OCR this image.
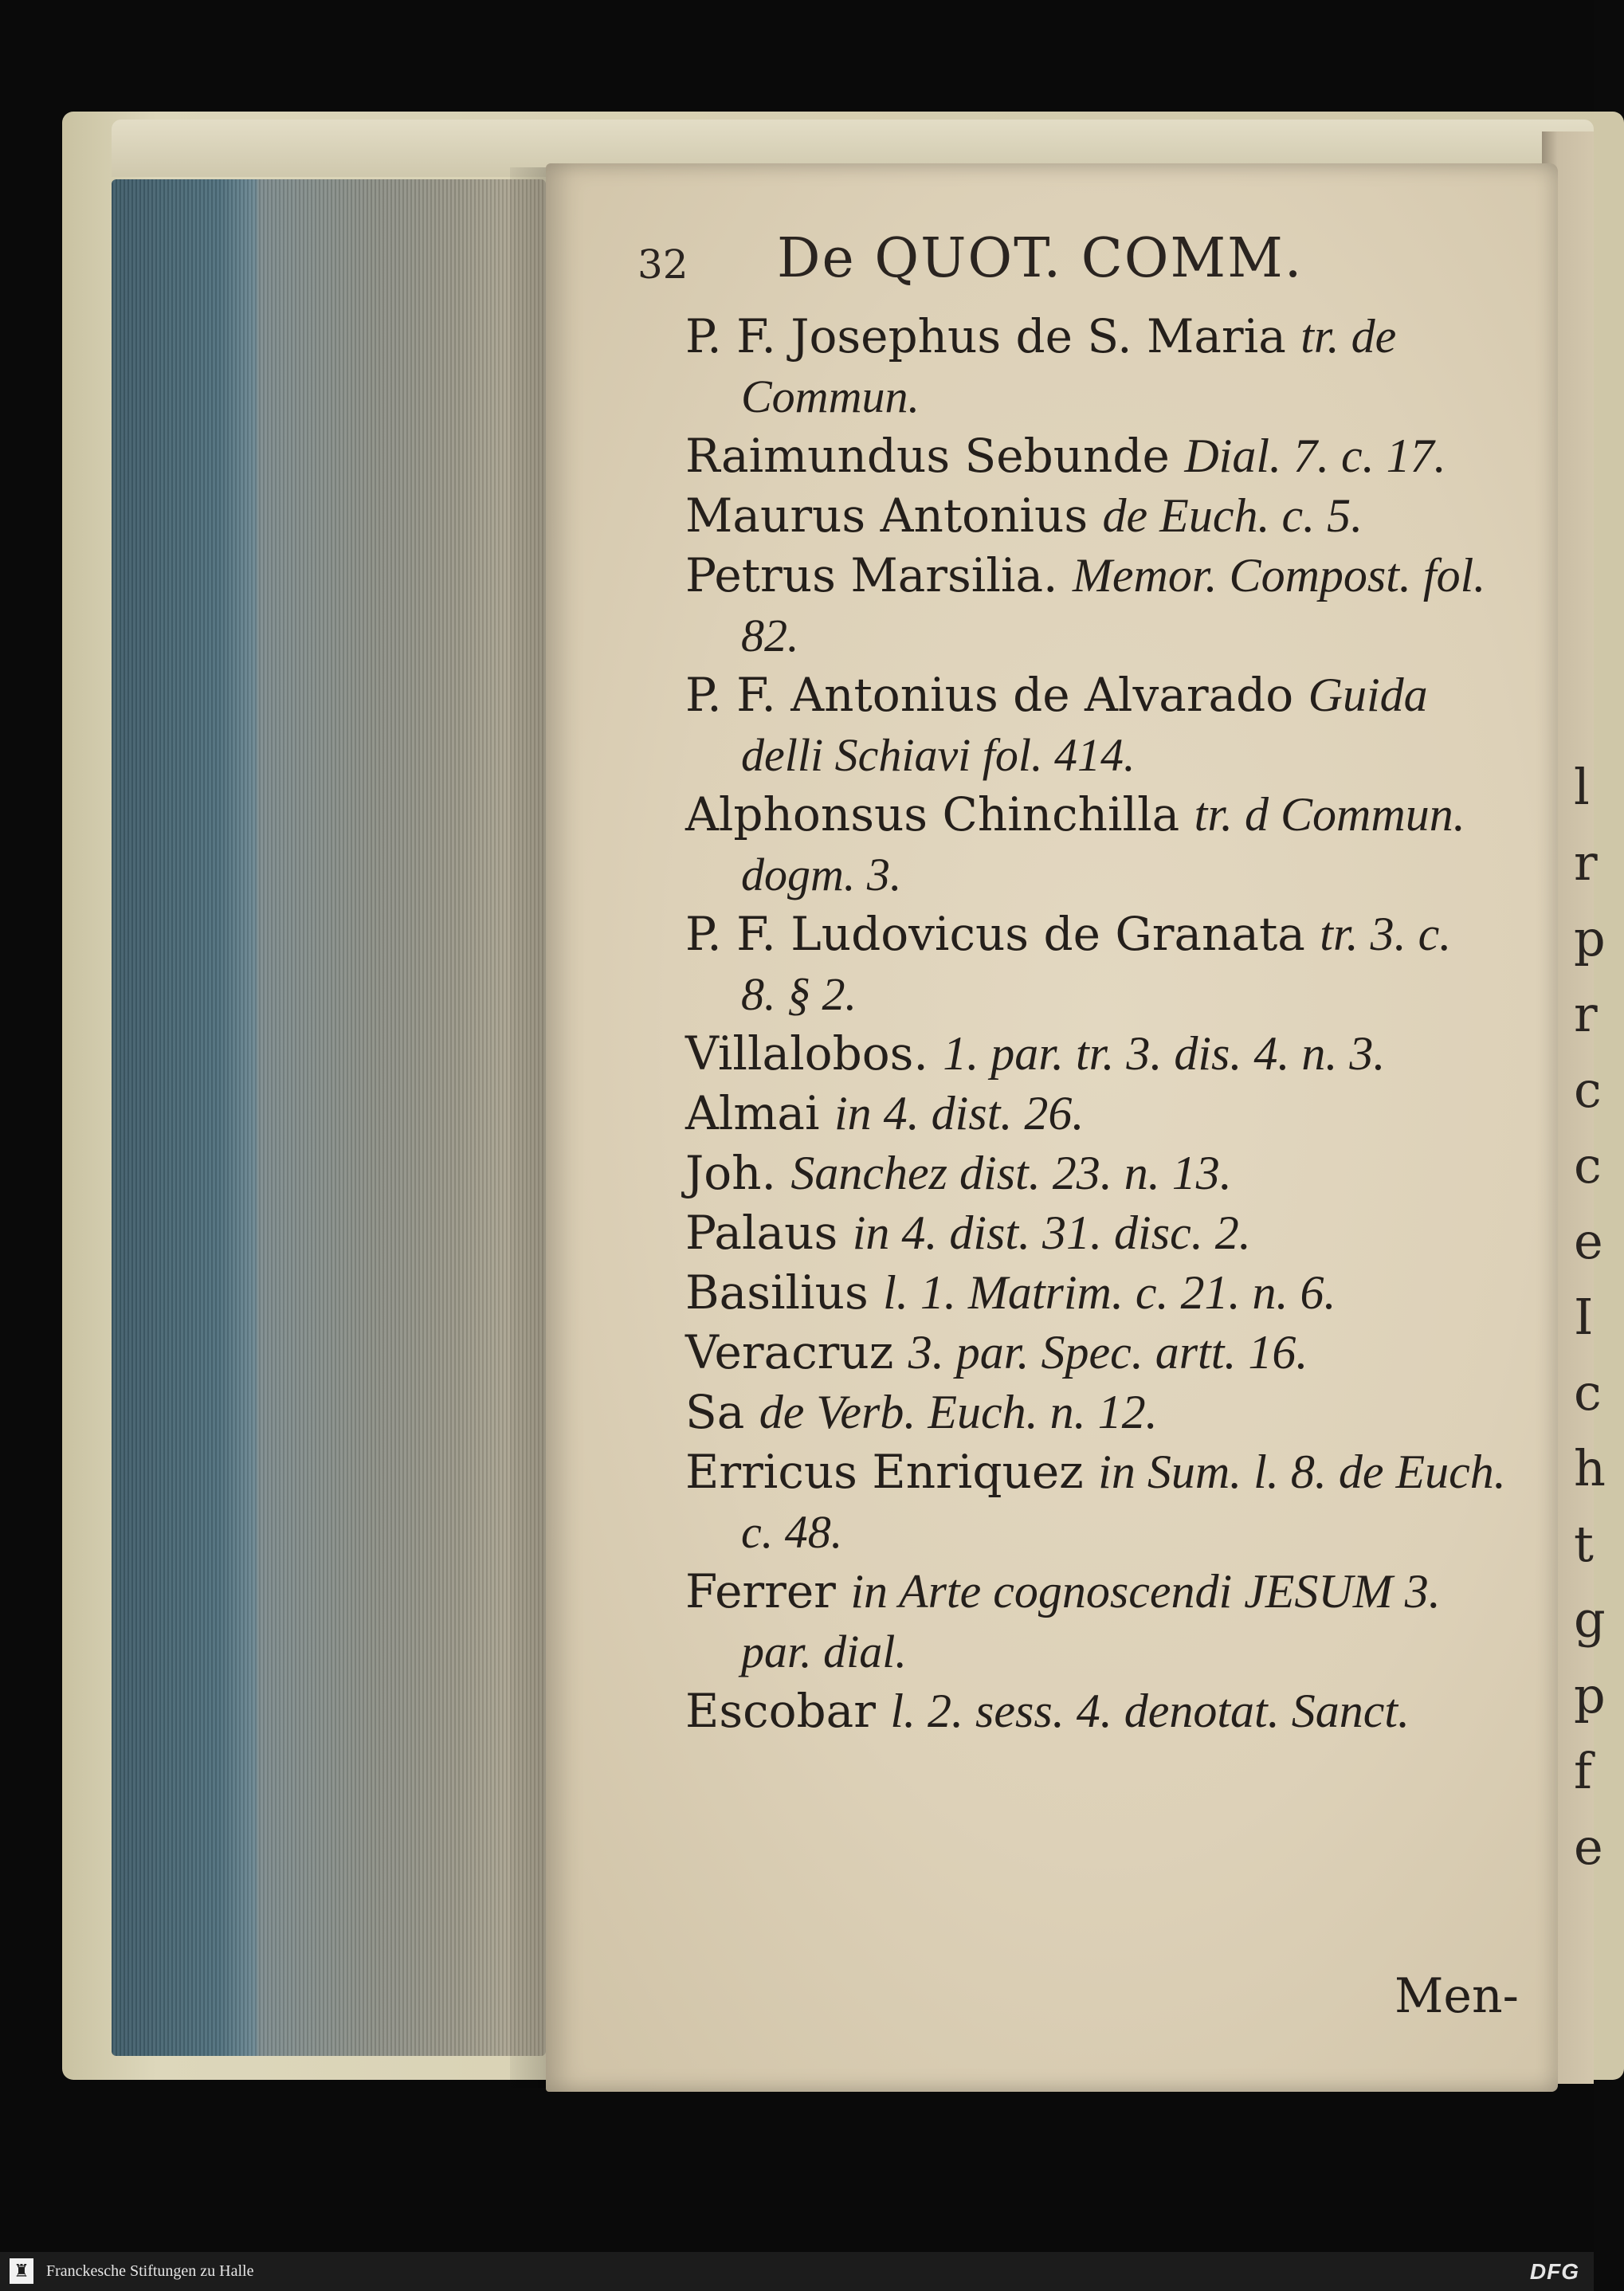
l
r
p
r
c
c
e
I
c
h
t
g
p
f
e
32 De QUOT. COMM.
P. F. Josephus de S. Maria tr. de
Commun.
Raimundus Sebunde Dial. 7. c. 17.
Maurus Antonius de Euch. c. 5.
Petrus Marsilia. Memor. Compost. fol.
82.
P. F. Antonius de Alvarado Guida
delli Schiavi fol. 414.
Alphonsus Chinchilla tr. d Commun.
dogm. 3.
P. F. Ludovicus de Granata tr. 3. c.
8. § 2.
Villalobos. 1. par. tr. 3. dis. 4. n. 3.
Almai in 4. dist. 26.
Joh. Sanchez dist. 23. n. 13.
Palaus in 4. dist. 31. disc. 2.
Basilius l. 1. Matrim. c. 21. n. 6.
Veracruz 3. par. Spec. artt. 16.
Sa de Verb. Euch. n. 12.
Erricus Enriquez in Sum. l. 8. de Euch.
c. 48.
Ferrer in Arte cognoscendi JESUM 3.
par. dial.
Escobar l. 2. sess. 4. denotat. Sanct.
Men-
♜ Franckesche Stiftungen zu Halle	DFG
